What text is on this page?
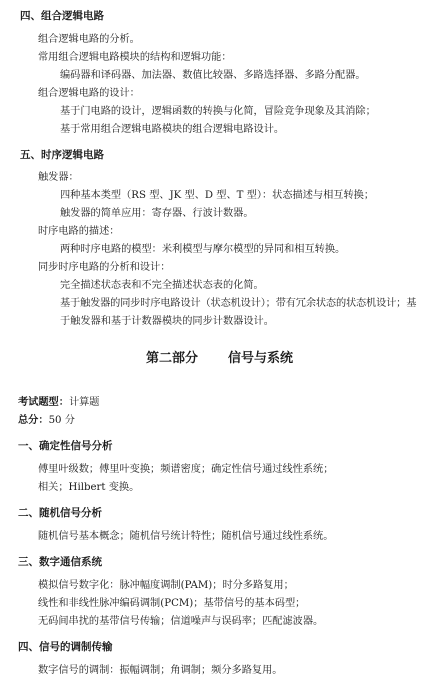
四、组合逻辑电路
组合逻辑电路的分析。
常用组合逻辑电路模块的结构和逻辑功能：
编码器和译码器、加法器、数值比较器、多路选择器、多路分配器。
组合逻辑电路的设计：
基于门电路的设计，逻辑函数的转换与化简，冒险竞争现象及其消除；
基于常用组合逻辑电路模块的组合逻辑电路设计。
五、时序逻辑电路
触发器：
四种基本类型（RS 型、JK 型、D 型、T 型）：状态描述与相互转换；
触发器的简单应用：寄存器、行波计数器。
时序电路的描述：
两种时序电路的模型：米利模型与摩尔模型的异同和相互转换。
同步时序电路的分析和设计：
完全描述状态表和不完全描述状态表的化简。
基于触发器的同步时序电路设计（状态机设计）；带有冗余状态的状态机设计；基
于触发器和基于计数器模块的同步计数器设计。
第二部分 信号与系统
考试题型：计算题
总分：50 分
一、确定性信号分析
傅里叶级数；傅里叶变换；频谱密度；确定性信号通过线性系统；
相关；Hilbert 变换。
二、随机信号分析
随机信号基本概念；随机信号统计特性；随机信号通过线性系统。
三、数字通信系统
模拟信号数字化：脉冲幅度调制(PAM)；时分多路复用；
线性和非线性脉冲编码调制(PCM)；基带信号的基本码型；
无码间串扰的基带信号传输；信道噪声与误码率；匹配滤波器。
四、信号的调制传输
数字信号的调制：振幅调制；角调制；频分多路复用。
